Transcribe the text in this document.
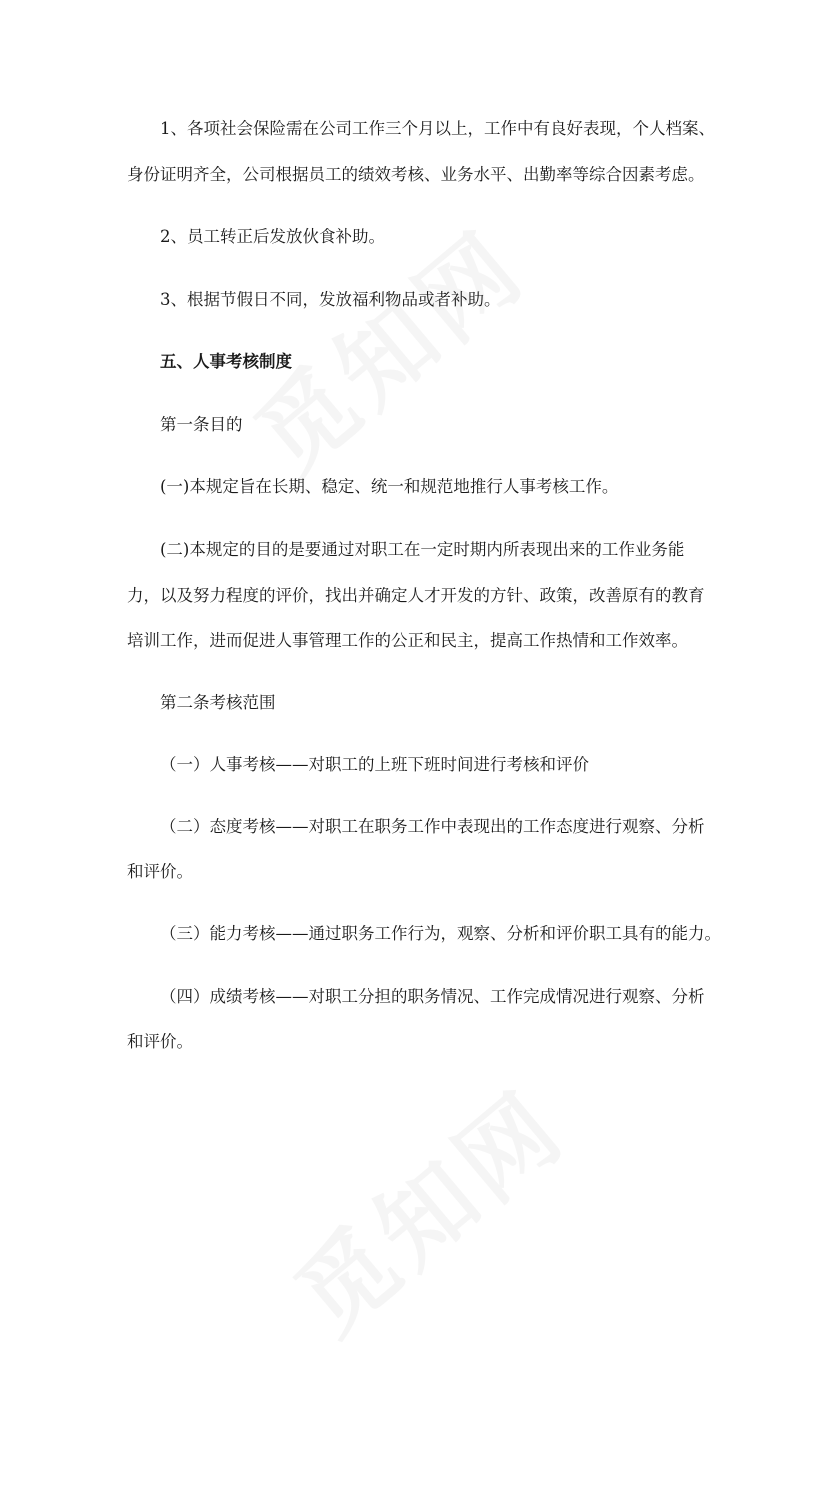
1、各项社会保险需在公司工作三个月以上，工作中有良好表现，个人档案、
身份证明齐全，公司根据员工的绩效考核、业务水平、出勤率等综合因素考虑。
2、员工转正后发放伙食补助。
3、根据节假日不同，发放福利物品或者补助。
五、人事考核制度
第一条目的
(一)本规定旨在长期、稳定、统一和规范地推行人事考核工作。
(二)本规定的目的是要通过对职工在一定时期内所表现出来的工作业务能
力，以及努力程度的评价，找出并确定人才开发的方针、政策，改善原有的教育
培训工作，进而促进人事管理工作的公正和民主，提高工作热情和工作效率。
第二条考核范围
（一）人事考核——对职工的上班下班时间进行考核和评价
（二）态度考核——对职工在职务工作中表现出的工作态度进行观察、分析
和评价。
（三）能力考核——通过职务工作行为，观察、分析和评价职工具有的能力。
（四）成绩考核——对职工分担的职务情况、工作完成情况进行观察、分析
和评价。
